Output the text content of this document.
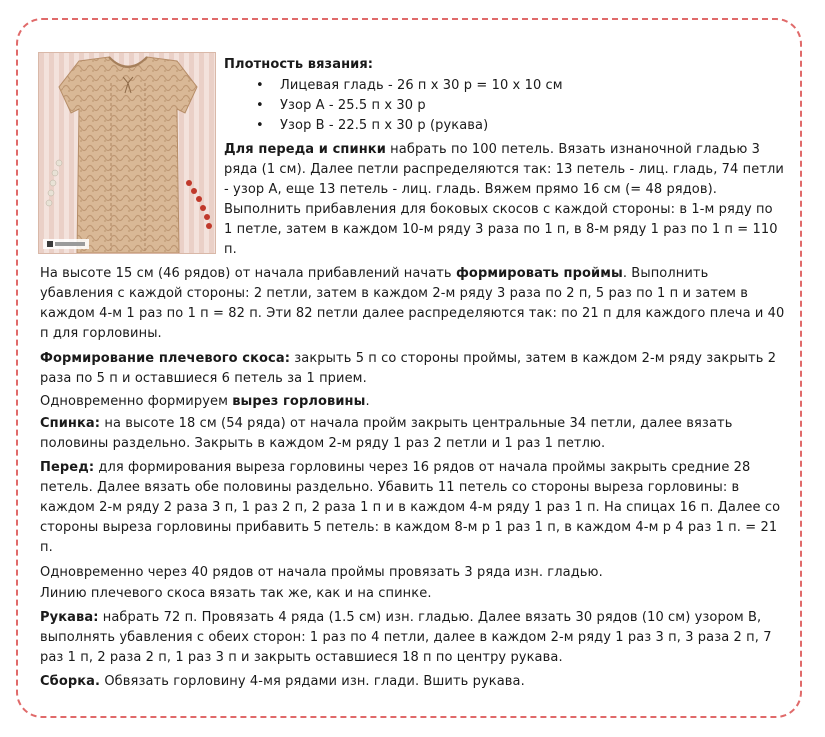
Плотность вязания:

• Лицевая гладь - 26 п х 30 р = 10 х 10 см
• Узор А - 25.5 п х 30 р
• Узор В - 22.5 п х 30 р (рукава)

Для переда и спинки набрать по 100 петель. Вязать изнаночной гладью 3 ряда (1 см). Далее петли распределяются так: 13 петель - лиц. гладь, 74 петли - узор А, еще 13 петель - лиц. гладь. Вяжем прямо 16 см (= 48 рядов). Выполнить прибавления для боковых скосов с каждой стороны: в 1-м ряду по 1 петле, затем в каждом 10-м ряду 3 раза по 1 п, в 8-м ряду 1 раз по 1 п = 110 п.

На высоте 15 см (46 рядов) от начала прибавлений начать формировать проймы. Выполнить убавления с каждой стороны: 2 петли, затем в каждом 2-м ряду 3 раза по 2 п, 5 раз по 1 п и затем в каждом 4-м 1 раз по 1 п = 82 п. Эти 82 петли далее распределяются так: по 21 п для каждого плеча и 40 п для горловины.

Формирование плечевого скоса: закрыть 5 п со стороны проймы, затем в каждом 2-м ряду закрыть 2 раза по 5 п и оставшиеся 6 петель за 1 прием.

Одновременно формируем вырез горловины.

Спинка: на высоте 18 см (54 ряда) от начала пройм закрыть центральные 34 петли, далее вязать половины раздельно. Закрыть в каждом 2-м ряду 1 раз 2 петли и 1 раз 1 петлю.

Перед: для формирования выреза горловины через 16 рядов от начала проймы закрыть средние 28 петель. Далее вязать обе половины раздельно. Убавить 11 петель со стороны выреза горловины: в каждом 2-м ряду 2 раза 3 п, 1 раз 2 п, 2 раза 1 п и в каждом 4-м ряду 1 раз 1 п. На спицах 16 п. Далее со стороны выреза горловины прибавить 5 петель: в каждом 8-м р 1 раз 1 п, в каждом 4-м р 4 раз 1 п. = 21 п.

Одновременно через 40 рядов от начала проймы провязать 3 ряда изн. гладью.

Линию плечевого скоса вязать так же, как и на спинке.

Рукава: набрать 72 п. Провязать 4 ряда (1.5 см) изн. гладью. Далее вязать 30 рядов (10 см) узором В, выполнять убавления с обеих сторон: 1 раз по 4 петли, далее в каждом 2-м ряду 1 раз 3 п, 3 раза 2 п, 7 раз 1 п, 2 раза 2 п, 1 раз 3 п и закрыть оставшиеся 18 п по центру рукава.

Сборка. Обвязать горловину 4-мя рядами изн. глади. Вшить рукава.
